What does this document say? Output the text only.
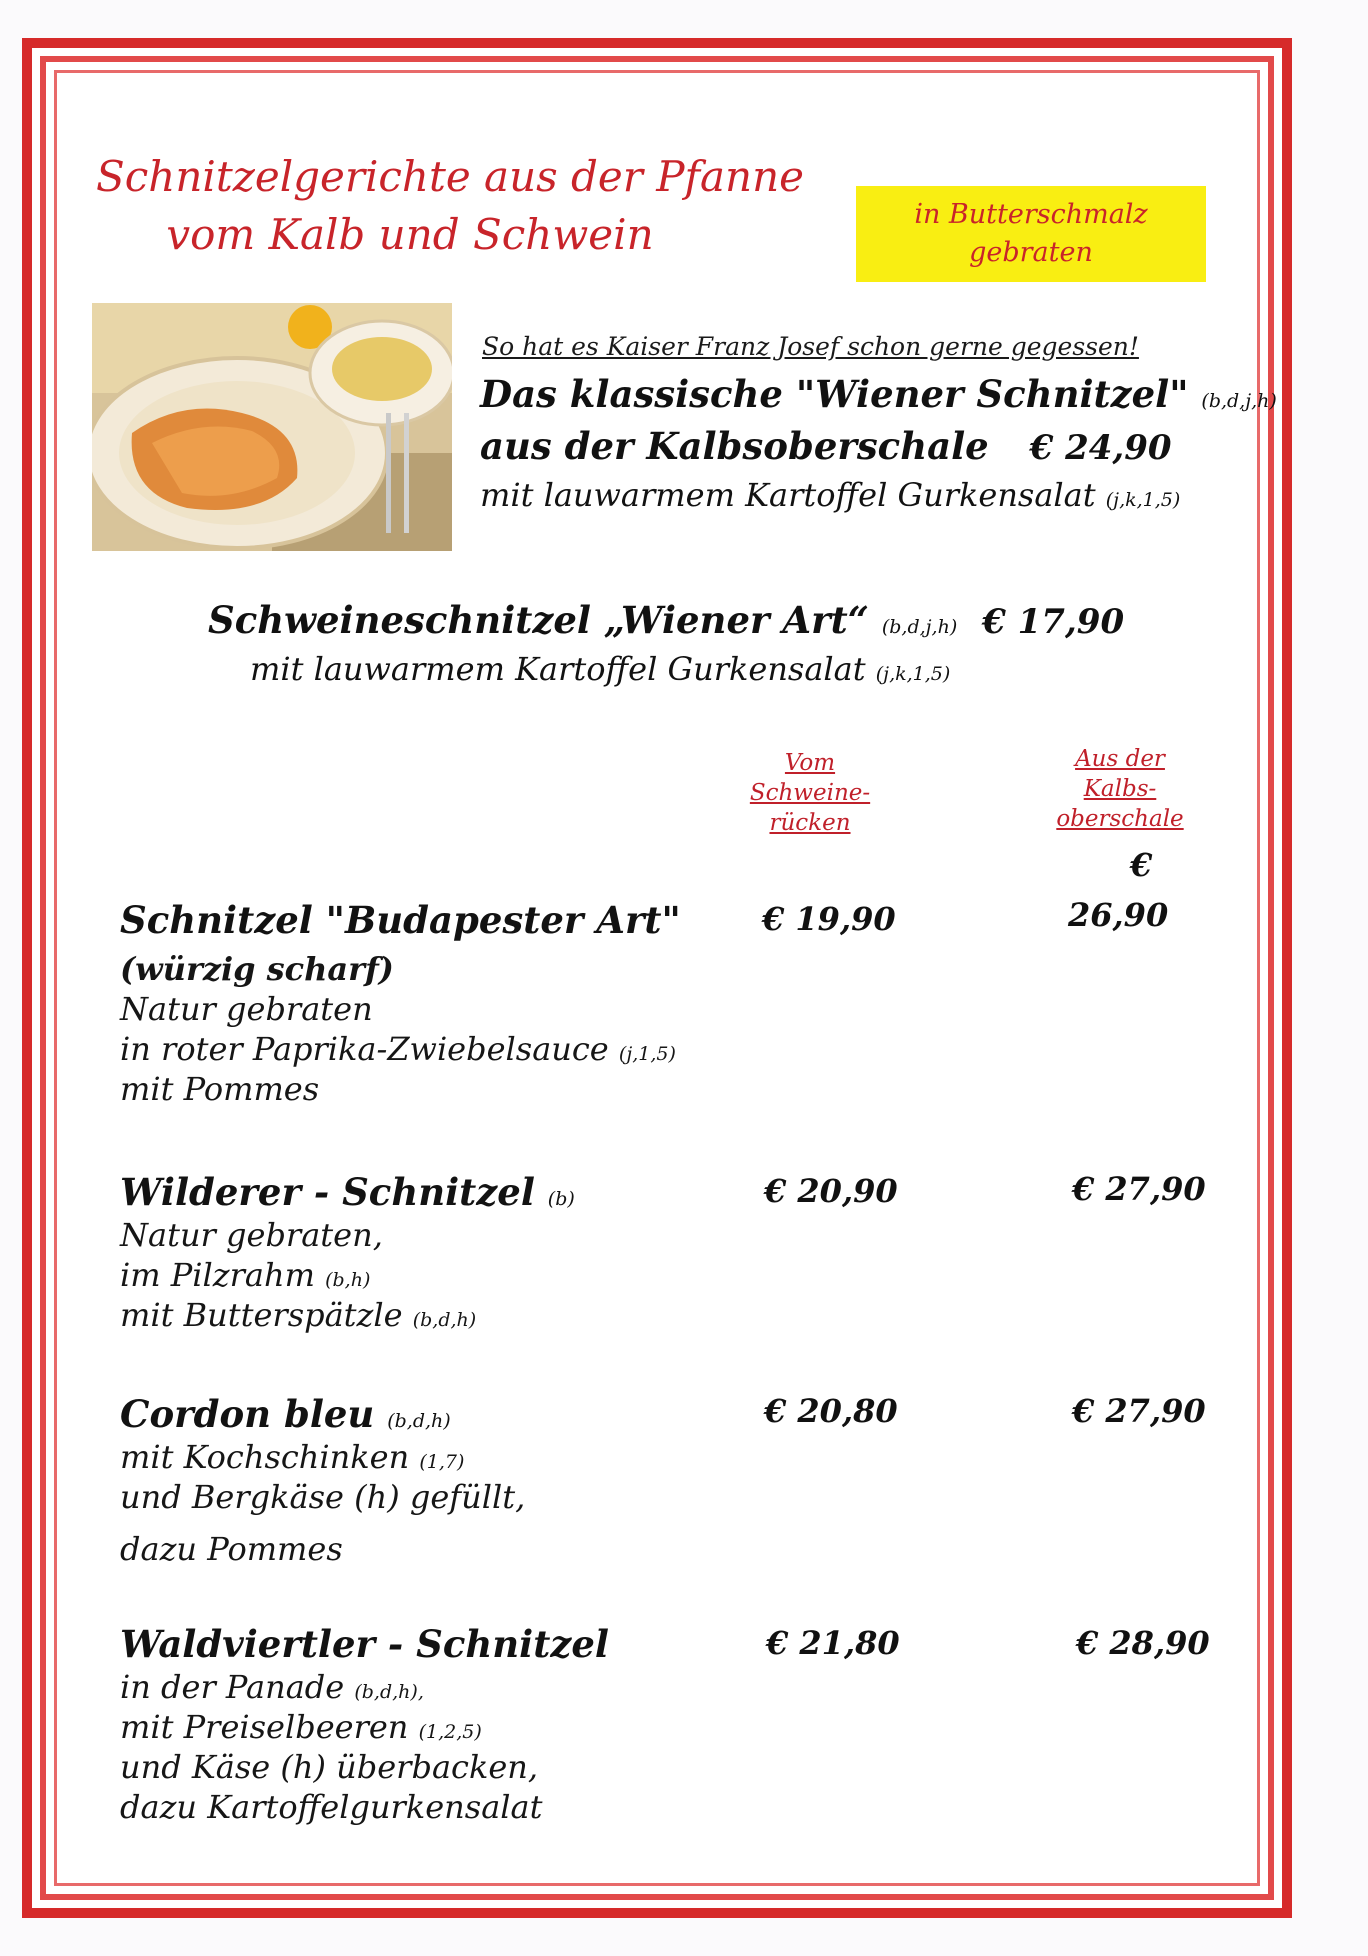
Schnitzelgerichte aus der Pfanne
vom Kalb und Schwein	in Butterschmalz
gebraten
So hat es Kaiser Franz Josef schon gerne gegessen!
Das klassische "Wiener Schnitzel" (b,d,j,h)
aus der Kalbsoberschale € 24,90
mit lauwarmem Kartoffel Gurkensalat (j,k,1,5)
Schweineschnitzel „Wiener Art“ (b,d,j,h) € 17,90
mit lauwarmem Kartoffel Gurkensalat (j,k,1,5)
Vom
Schweine-
rücken
Aus der
Kalbs-
oberschale
€
Schnitzel "Budapester Art"
(würzig scharf)
Natur gebraten
in roter Paprika-Zwiebelsauce (j,1,5)
mit Pommes
€ 19,90	26,90
Wilderer - Schnitzel (b)
Natur gebraten,
im Pilzrahm (b,h)
mit Butterspätzle (b,d,h)
€ 20,90	€ 27,90
Cordon bleu (b,d,h)
mit Kochschinken (1,7)
und Bergkäse (h) gefüllt,
dazu Pommes
€ 20,80	€ 27,90
Waldviertler - Schnitzel
in der Panade (b,d,h),
mit Preiselbeeren (1,2,5)
und Käse (h) überbacken,
dazu Kartoffelgurkensalat
€ 21,80	€ 28,90
